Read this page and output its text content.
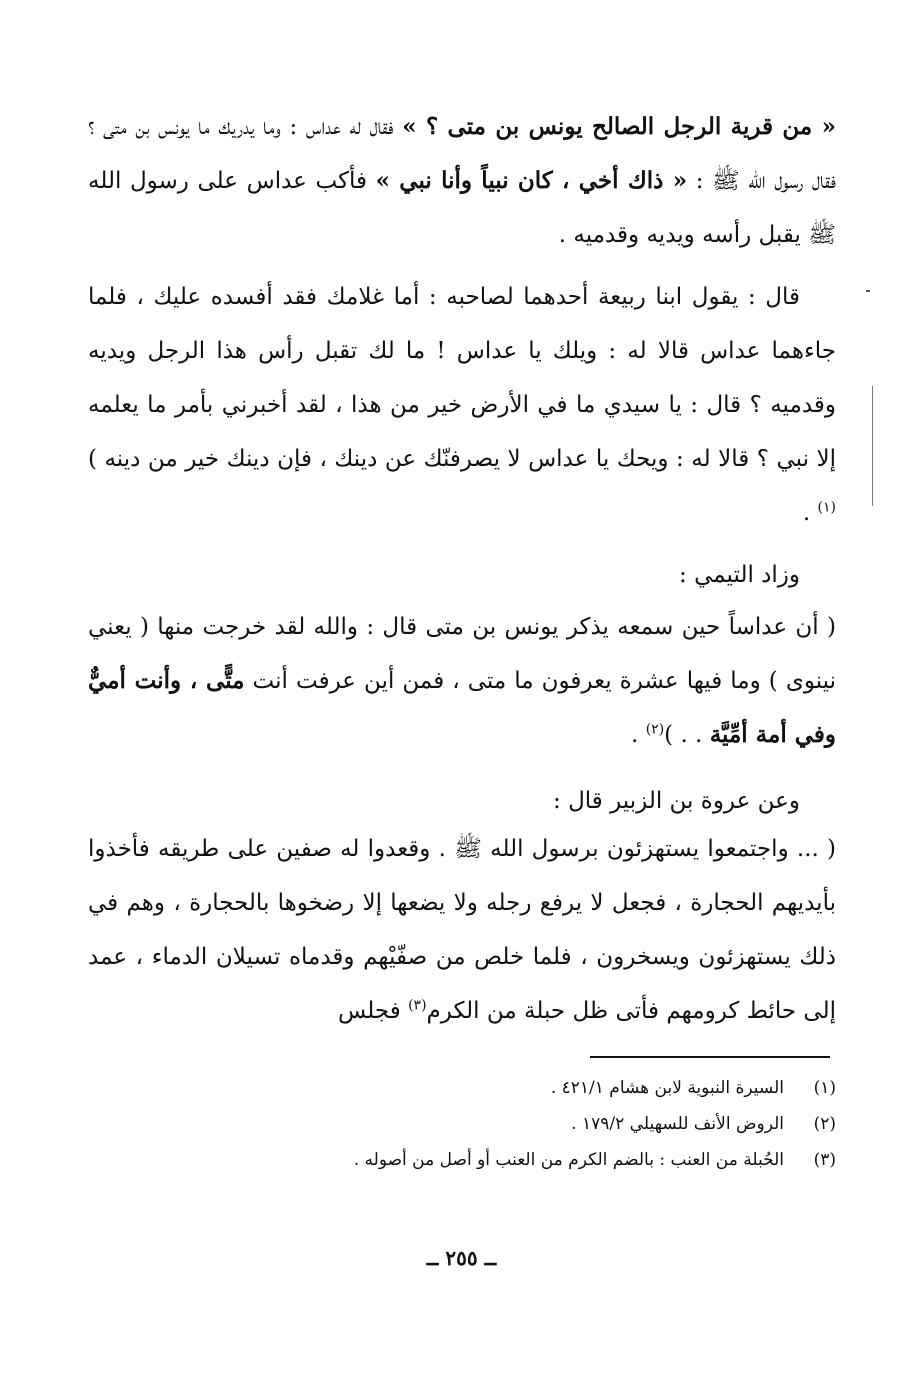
« من قرية الرجل الصالح يونس بن متى ؟ » فقال له عداس : وما يدريك ما يونس بن متى ؟ فقال رسول الله ﷺ : « ذاك أخي ، كان نبياً وأنا نبي » فأكب عداس على رسول الله ﷺ يقبل رأسه ويديه وقدميه .

قال : يقول ابنا ربيعة أحدهما لصاحبه : أما غلامك فقد أفسده عليك ، فلما جاءهما عداس قالا له : ويلك يا عداس ! ما لك تقبل رأس هذا الرجل ويديه وقدميه ؟ قال : يا سيدي ما في الأرض خير من هذا ، لقد أخبرني بأمر ما يعلمه إلا نبي ؟ قالا له : ويحك يا عداس لا يصرفنّك عن دينك ، فإن دينك خير من دينه )$^{(١)}$ .

وزاد التيمي :

( أن عداساً حين سمعه يذكر يونس بن متى قال : والله لقد خرجت منها ( يعني نينوى ) وما فيها عشرة يعرفون ما متى ، فمن أين عرفت أنت متًّى ، وأنت أميٌّ وفي أمة أمِّيَّة . . )$^{(٢)}$ .

وعن عروة بن الزبير قال :

( ... واجتمعوا يستهزئون برسول الله ﷺ . وقعدوا له صفين على طريقه فأخذوا بأيديهم الحجارة ، فجعل لا يرفع رجله ولا يضعها إلا رضخوها بالحجارة ، وهم في ذلك يستهزئون ويسخرون ، فلما خلص من صفّيْهم وقدماه تسيلان الدماء ، عمد إلى حائط كرومهم فأتى ظل حبلة من الكرم$^{(٣)}$ فجلس

(١)
السيرة النبوية لابن هشام ٤٢١/١ .
(٢)
الروض الأنف للسهيلي ١٧٩/٢ .
(٣)
الحُبلة من العنب : بالضم الكرم من العنب أو أصل من أصوله .
ــ ٢٥٥ ــ
